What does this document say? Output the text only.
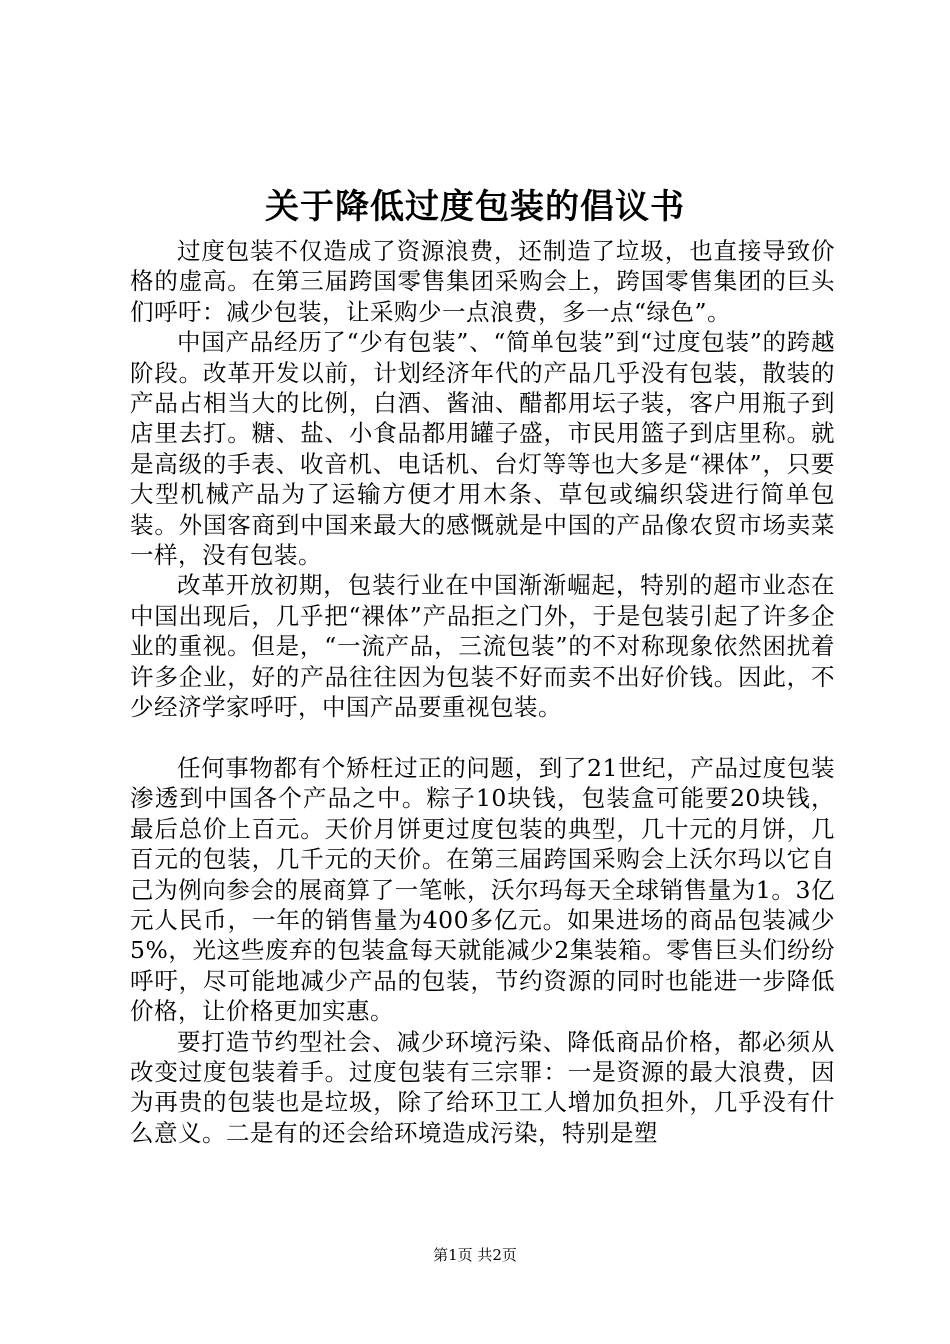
关于降低过度包装的倡议书

过度包装不仅造成了资源浪费，还制造了垃圾，也直接导致价格的虚高。在第三届跨国零售集团采购会上，跨国零售集团的巨头们呼吁：减少包装，让采购少一点浪费，多一点“绿色”。

中国产品经历了“少有包装”、“简单包装”到“过度包装”的跨越阶段。改革开发以前，计划经济年代的产品几乎没有包装，散装的产品占相当大的比例，白酒、酱油、醋都用坛子装，客户用瓶子到店里去打。糖、盐、小食品都用罐子盛，市民用篮子到店里称。就是高级的手表、收音机、电话机、台灯等等也大多是“裸体”，只要大型机械产品为了运输方便才用木条、草包或编织袋进行简单包装。外国客商到中国来最大的感慨就是中国的产品像农贸市场卖菜一样，没有包装。

改革开放初期，包装行业在中国渐渐崛起，特别的超市业态在中国出现后，几乎把“裸体”产品拒之门外，于是包装引起了许多企业的重视。但是，“一流产品，三流包装”的不对称现象依然困扰着许多企业，好的产品往往因为包装不好而卖不出好价钱。因此，不少经济学家呼吁，中国产品要重视包装。

任何事物都有个矫枉过正的问题，到了21世纪，产品过度包装渗透到中国各个产品之中。粽子10块钱，包装盒可能要20块钱，最后总价上百元。天价月饼更过度包装的典型，几十元的月饼，几百元的包装，几千元的天价。在第三届跨国采购会上沃尔玛以它自己为例向参会的展商算了一笔帐，沃尔玛每天全球销售量为1。3亿元人民币，一年的销售量为400多亿元。如果进场的商品包装减少5%，光这些废弃的包装盒每天就能减少2集装箱。零售巨头们纷纷呼吁，尽可能地减少产品的包装，节约资源的同时也能进一步降低价格，让价格更加实惠。

要打造节约型社会、减少环境污染、降低商品价格，都必须从改变过度包装着手。过度包装有三宗罪：一是资源的最大浪费，因为再贵的包装也是垃圾，除了给环卫工人增加负担外，几乎没有什么意义。二是有的还会给环境造成污染，特别是塑

第1页 共2页
